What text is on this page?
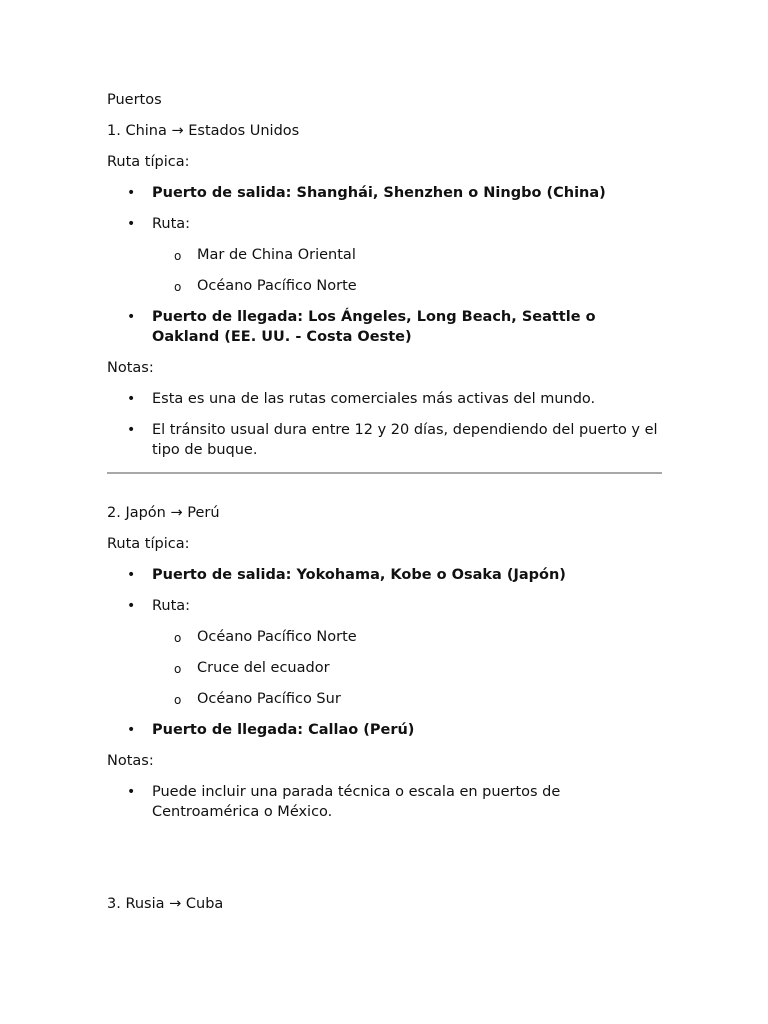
Puertos
1. China → Estados Unidos
Ruta típica:
• Puerto de salida: Shanghái, Shenzhen o Ningbo (China)
• Ruta:
o Mar de China Oriental
o Océano Pacífico Norte
• Puerto de llegada: Los Ángeles, Long Beach, Seattle o Oakland (EE. UU. - Costa Oeste)
Notas:
• Esta es una de las rutas comerciales más activas del mundo.
• El tránsito usual dura entre 12 y 20 días, dependiendo del puerto y el tipo de buque.
2. Japón → Perú
Ruta típica:
• Puerto de salida: Yokohama, Kobe o Osaka (Japón)
• Ruta:
o Océano Pacífico Norte
o Cruce del ecuador
o Océano Pacífico Sur
• Puerto de llegada: Callao (Perú)
Notas:
• Puede incluir una parada técnica o escala en puertos de Centroamérica o México.
3. Rusia → Cuba
